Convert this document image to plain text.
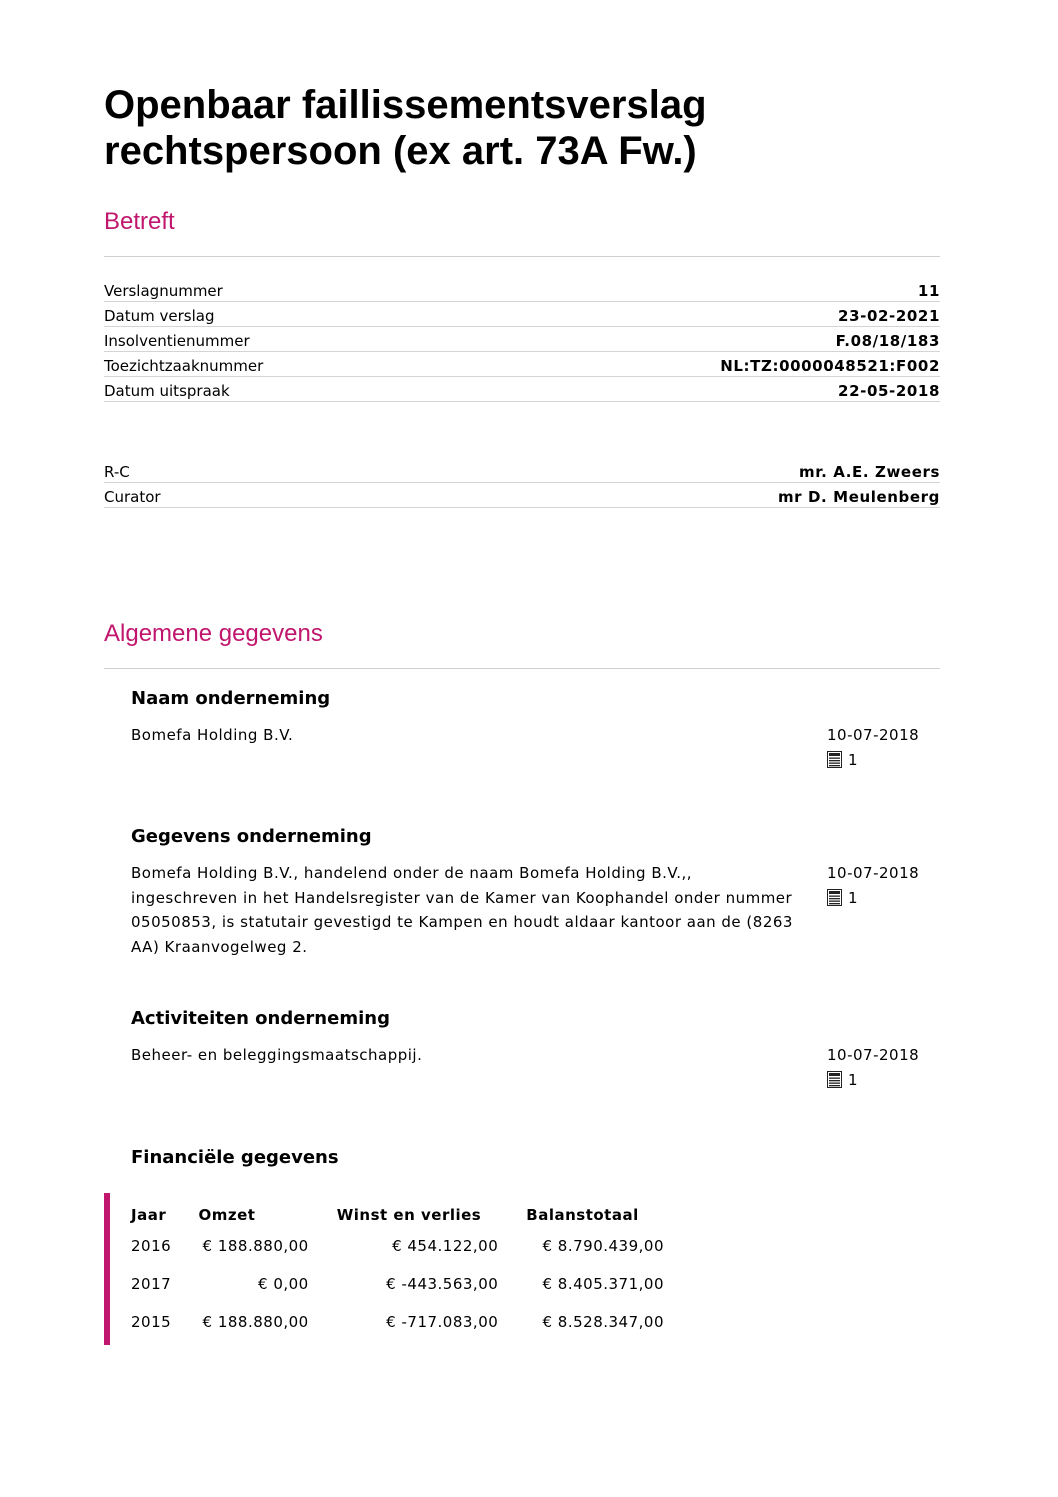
Openbaar faillissementsverslag rechtspersoon (ex art. 73A Fw.)
Betreft
Verslagnummer	11
Datum verslag	23-02-2021
Insolventienummer	F.08/18/183
Toezichtzaaknummer	NL:TZ:0000048521:F002
Datum uitspraak	22-05-2018
R-C	mr. A.E. Zweers
Curator	mr D. Meulenberg
Algemene gegevens
Naam onderneming
Bomefa Holding B.V.	10-07-2018
1
Gegevens onderneming
Bomefa Holding B.V., handelend onder de naam Bomefa Holding B.V.,, ingeschreven in het Handelsregister van de Kamer van Koophandel onder nummer 05050853, is statutair gevestigd te Kampen en houdt aldaar kantoor aan de (8263 AA) Kraanvogelweg 2.
10-07-2018
1
Activiteiten onderneming
Beheer- en beleggingsmaatschappij.	10-07-2018
1
Financiële gegevens
Jaar	Omzet	Winst en verlies	Balanstotaal
2016	€ 188.880,00	€ 454.122,00	€ 8.790.439,00
2017	€ 0,00	€ -443.563,00	€ 8.405.371,00
2015	€ 188.880,00	€ -717.083,00	€ 8.528.347,00
